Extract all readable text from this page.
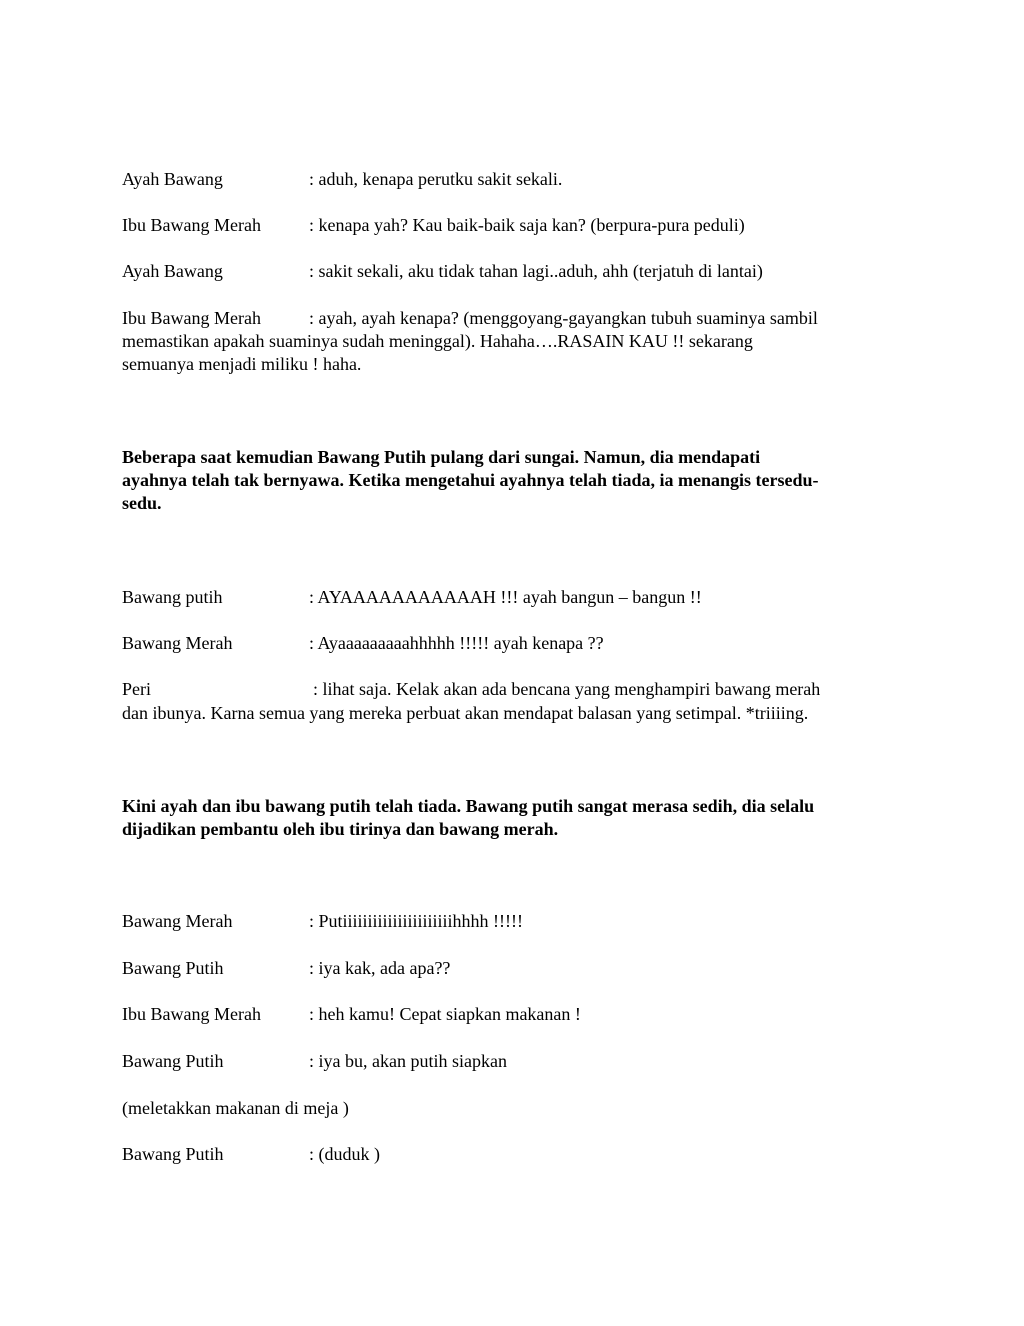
Ayah Bawang	: aduh, kenapa perutku sakit sekali.
Ibu Bawang Merah	: kenapa yah? Kau baik-baik saja kan? (berpura-pura peduli)
Ayah Bawang	: sakit sekali, aku tidak tahan lagi..aduh, ahh (terjatuh di lantai)
Ibu Bawang Merah	: ayah, ayah kenapa? (menggoyang-gayangkan tubuh suaminya sambil
memastikan apakah suaminya sudah meninggal). Hahaha….RASAIN KAU !! sekarang
semuanya menjadi miliku ! haha.
Beberapa saat kemudian Bawang Putih pulang dari sungai. Namun, dia mendapati
ayahnya telah tak bernyawa. Ketika mengetahui ayahnya telah tiada, ia menangis tersedu-
sedu.
Bawang putih	: AYAAAAAAAAAAAH !!! ayah bangun – bangun !!
Bawang Merah	: Ayaaaaaaaaahhhhh !!!!! ayah kenapa ??
Peri	: lihat saja. Kelak akan ada bencana yang menghampiri bawang merah
dan ibunya. Karna semua yang mereka perbuat akan mendapat balasan yang setimpal. *triiiing.
Kini ayah dan ibu bawang putih telah tiada. Bawang putih sangat merasa sedih, dia selalu
dijadikan pembantu oleh ibu tirinya dan bawang merah.
Bawang Merah	: Putiiiiiiiiiiiiiiiiiiiiiihhhh !!!!!
Bawang Putih	: iya kak, ada apa??
Ibu Bawang Merah	: heh kamu! Cepat siapkan makanan !
Bawang Putih	: iya bu, akan putih siapkan
(meletakkan makanan di meja )
Bawang Putih	: (duduk )
